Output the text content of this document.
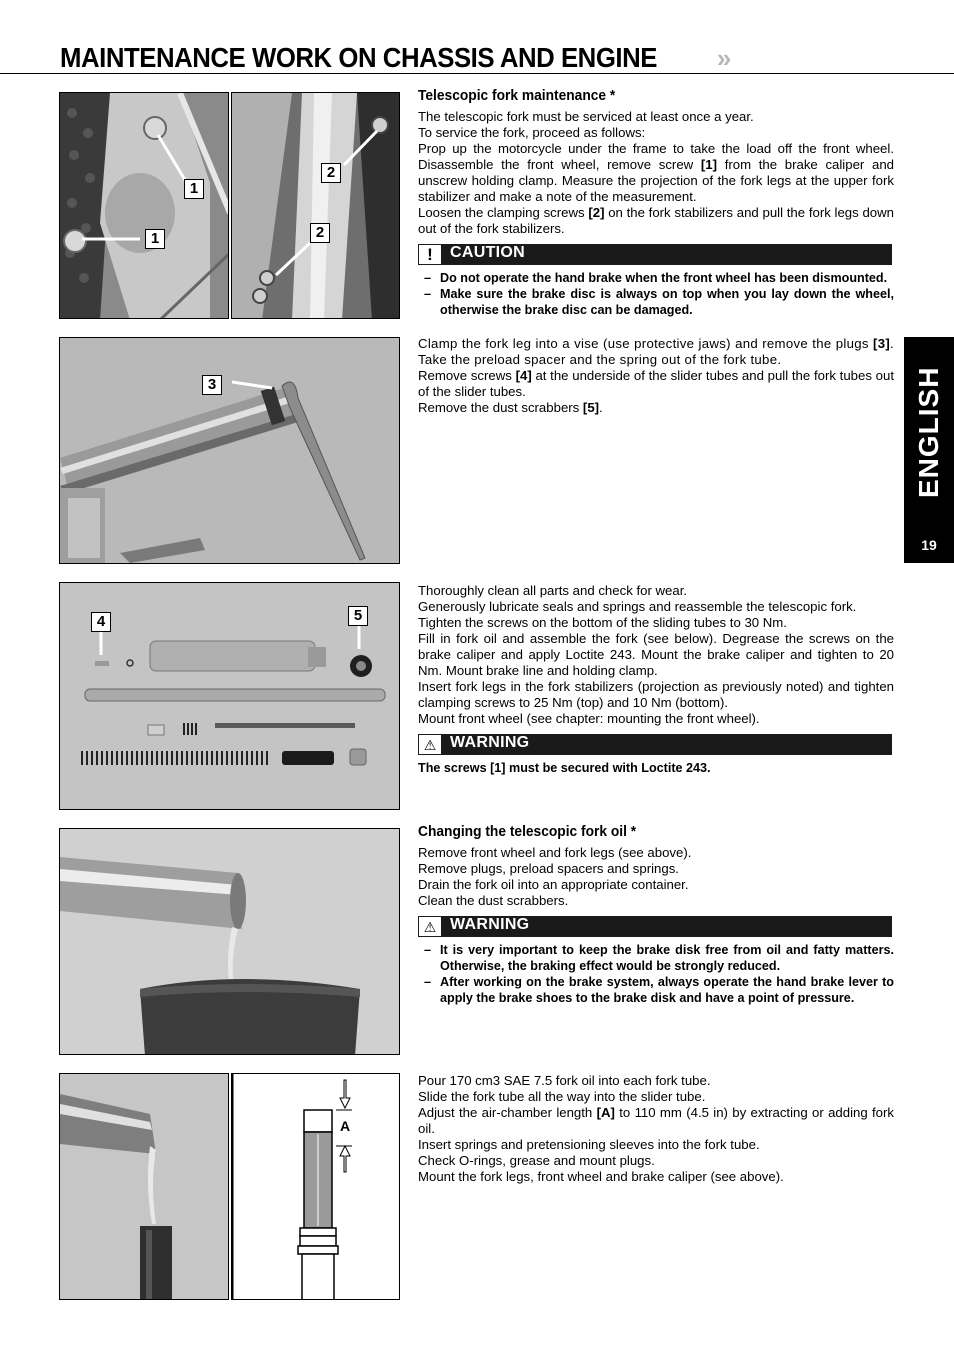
MAINTENANCE WORK ON CHASSIS AND ENGINE »
ENGLISH
19
1
1
2
2
3
4	5
A
Telescopic fork maintenance *

The telescopic fork must be serviced at least once a year.

To service the fork, proceed as follows:

Prop up the motorcycle under the frame to take the load off the front wheel. Disassemble the front wheel, remove screw [1] from the brake caliper and unscrew holding clamp. Measure the projection of the fork legs at the upper fork stabilizer and make a note of the measurement.

Loosen the clamping screws [2] on the fork stabilizers and pull the fork legs down out of the fork stabilizers.

!	CAUTION
– Do not operate the hand brake when the front wheel has been dismounted.
– Make sure the brake disc is always on top when you lay down the wheel, otherwise the brake disc can be damaged.

Clamp the fork leg into a vise (use protective jaws) and remove the plugs [3]. Take the preload spacer and the spring out of the fork tube.

Remove screws [4] at the underside of the slider tubes and pull the fork tubes out of the slider tubes.

Remove the dust scrabbers [5].

Thoroughly clean all parts and check for wear.

Generously lubricate seals and springs and reassemble the telescopic fork.

Tighten the screws on the bottom of the sliding tubes to 30 Nm.

Fill in fork oil and assemble the fork (see below). Degrease the screws on the brake caliper and apply Loctite 243. Mount the brake caliper and tighten to 20 Nm. Mount brake line and holding clamp.

Insert fork legs in the fork stabilizers (projection as previously noted) and tighten clamping screws to 25 Nm (top) and 10 Nm (bottom).

Mount front wheel (see chapter: mounting the front wheel).

⚠ WARNING
The screws [1] must be secured with Loctite 243.
Changing the telescopic fork oil *

Remove front wheel and fork legs (see above).

Remove plugs, preload spacers and springs.

Drain the fork oil into an appropriate container.

Clean the dust scrabbers.

⚠ WARNING
– It is very important to keep the brake disk free from oil and fatty matters. Otherwise, the braking effect would be strongly reduced.
– After working on the brake system, always operate the hand brake lever to apply the brake shoes to the brake disk and have a point of pressure.

Pour 170 cm3 SAE 7.5 fork oil into each fork tube.

Slide the fork tube all the way into the slider tube.

Adjust the air-chamber length [A] to 110 mm (4.5 in) by extracting or adding fork oil.

Insert springs and pretensioning sleeves into the fork tube.

Check O-rings, grease and mount plugs.

Mount the fork legs, front wheel and brake caliper (see above).
